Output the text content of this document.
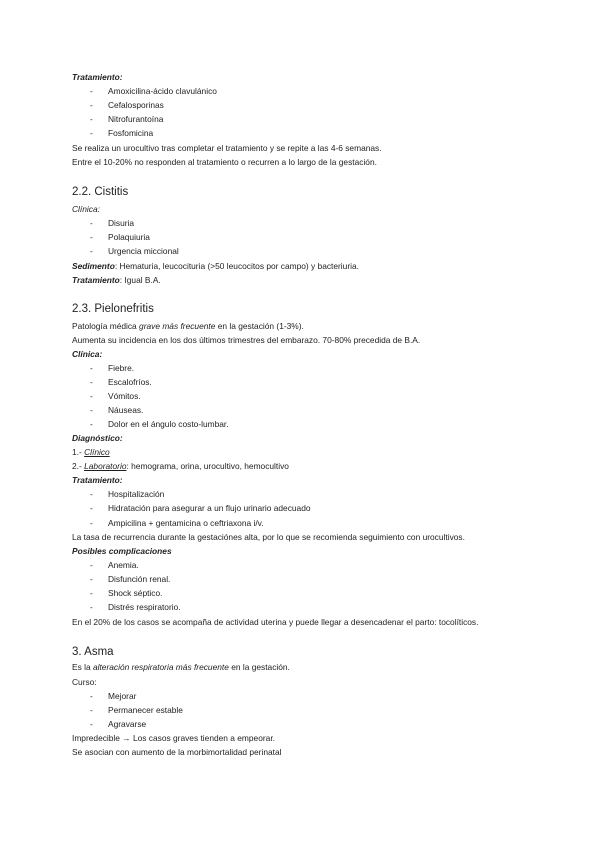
Tratamiento:
- Amoxicilina-ácido clavulánico
- Cefalosporinas
- Nitrofurantoína
- Fosfomicina
Se realiza un urocultivo tras completar el tratamiento y se repite a las 4-6 semanas.
Entre el 10-20% no responden al tratamiento o recurren a lo largo de la gestación.
2.2. Cistitis
Clínica:
- Disuria
- Polaquiuria
- Urgencia miccional
Sedimento: Hematuria, leucocituria (>50 leucocitos por campo) y bacteriuria.
Tratamiento: Igual B.A.
2.3. Pielonefritis
Patología médica grave más frecuente en la gestación (1-3%).
Aumenta su incidencia en los dos últimos trimestres del embarazo. 70-80% precedida de B.A.
Clínica:
- Fiebre.
- Escalofríos.
- Vómitos.
- Náuseas.
- Dolor en el ángulo costo-lumbar.
Diagnóstico:
1.- Clínico
2.- Laboratorio: hemograma, orina, urocultivo, hemocultivo
Tratamiento:
- Hospitalización
- Hidratación para asegurar a un flujo urinario adecuado
- Ampicilina + gentamicina o ceftriaxona i/v.
La tasa de recurrencia durante la gestaciónes alta, por lo que se recomienda seguimiento con urocultivos.
Posibles complicaciones
- Anemia.
- Disfunción renal.
- Shock séptico.
- Distrés respiratorio.
En el 20% de los casos se acompaña de actividad uterina y puede llegar a desencadenar el parto: tocolíticos.
3. Asma
Es la alteración respiratoria más frecuente en la gestación.
Curso:
- Mejorar
- Permanecer estable
- Agravarse
Impredecible → Los casos graves tienden a empeorar.
Se asocian con aumento de la morbimortalidad perinatal
